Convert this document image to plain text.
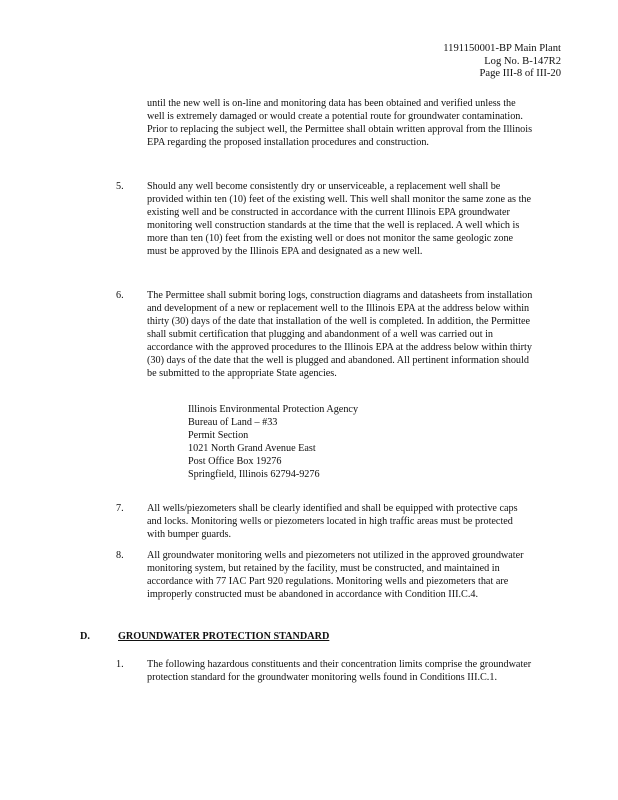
1191150001-BP Main Plant
Log No. B-147R2
Page III-8 of III-20
until the new well is on-line and monitoring data has been obtained and verified unless the well is extremely damaged or would create a potential route for groundwater contamination. Prior to replacing the subject well, the Permittee shall obtain written approval from the Illinois EPA regarding the proposed installation procedures and construction.
5. Should any well become consistently dry or unserviceable, a replacement well shall be provided within ten (10) feet of the existing well. This well shall monitor the same zone as the existing well and be constructed in accordance with the current Illinois EPA groundwater monitoring well construction standards at the time that the well is replaced. A well which is more than ten (10) feet from the existing well or does not monitor the same geologic zone must be approved by the Illinois EPA and designated as a new well.
6. The Permittee shall submit boring logs, construction diagrams and datasheets from installation and development of a new or replacement well to the Illinois EPA at the address below within thirty (30) days of the date that installation of the well is completed. In addition, the Permittee shall submit certification that plugging and abandonment of a well was carried out in accordance with the approved procedures to the Illinois EPA at the address below within thirty (30) days of the date that the well is plugged and abandoned. All pertinent information should be submitted to the appropriate State agencies.
Illinois Environmental Protection Agency
Bureau of Land – #33
Permit Section
1021 North Grand Avenue East
Post Office Box 19276
Springfield, Illinois 62794-9276
7. All wells/piezometers shall be clearly identified and shall be equipped with protective caps and locks. Monitoring wells or piezometers located in high traffic areas must be protected with bumper guards.
8. All groundwater monitoring wells and piezometers not utilized in the approved groundwater monitoring system, but retained by the facility, must be constructed, and maintained in accordance with 77 IAC Part 920 regulations. Monitoring wells and piezometers that are improperly constructed must be abandoned in accordance with Condition III.C.4.
D.	GROUNDWATER PROTECTION STANDARD
1. The following hazardous constituents and their concentration limits comprise the groundwater protection standard for the groundwater monitoring wells found in Conditions III.C.1.
